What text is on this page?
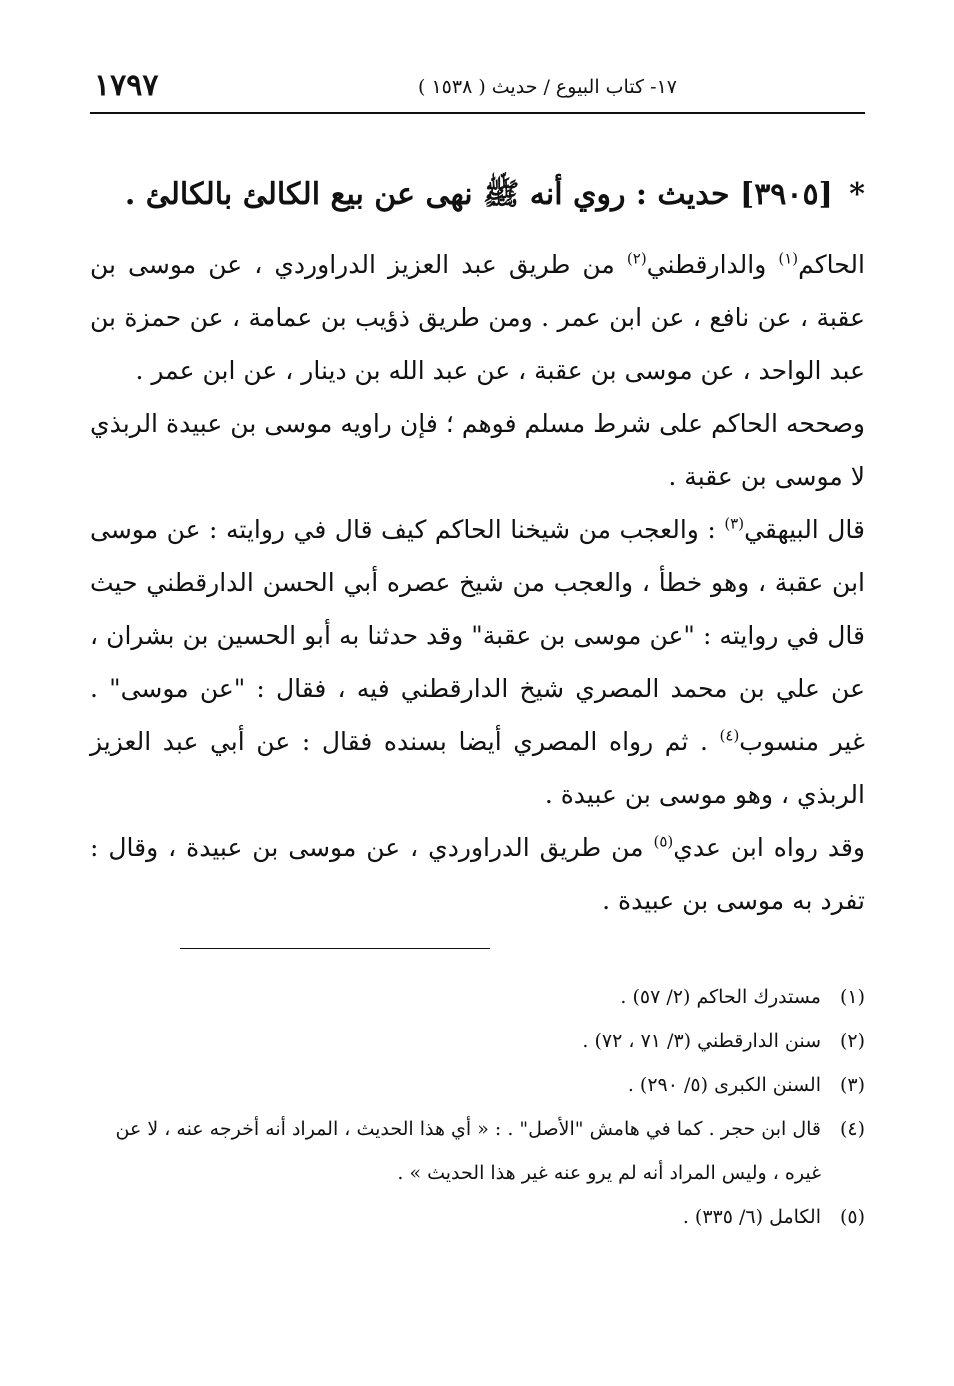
١٧- كتاب البيوع / حديث ( ١٥٣٨ )
١٧٩٧
* [٣٩٠٥] حديث : روي أنه ﷺ نهى عن بيع الكالئ بالكالئ .

الحاكم$^{(١)}$ والدارقطني$^{(٢)}$ من طريق عبد العزيز الدراوردي ، عن موسى بن عقبة ، عن نافع ، عن ابن عمر . ومن طريق ذؤيب بن عمامة ، عن حمزة بن عبد الواحد ، عن موسى بن عقبة ، عن عبد الله بن دينار ، عن ابن عمر .

وصححه الحاكم على شرط مسلم فوهم ؛ فإن راويه موسى بن عبيدة الربذي لا موسى بن عقبة .

قال البيهقي$^{(٣)}$ : والعجب من شيخنا الحاكم كيف قال في روايته : عن موسى ابن عقبة ، وهو خطأ ، والعجب من شيخ عصره أبي الحسن الدارقطني حيث قال في روايته : "عن موسى بن عقبة" وقد حدثنا به أبو الحسين بن بشران ، عن علي بن محمد المصري شيخ الدارقطني فيه ، فقال : "عن موسى" . غير منسوب$^{(٤)}$ . ثم رواه المصري أيضا بسنده فقال : عن أبي عبد العزيز الربذي ، وهو موسى بن عبيدة .

وقد رواه ابن عدي$^{(٥)}$ من طريق الدراوردي ، عن موسى بن عبيدة ، وقال : تفرد به موسى بن عبيدة .

(١)
مستدرك الحاكم (٢/ ٥٧) .
(٢)
سنن الدارقطني (٣/ ٧١ ، ٧٢) .
(٣)
السنن الكبرى (٥/ ٢٩٠) .
(٤)
قال ابن حجر . كما في هامش "الأصل" . : « أي هذا الحديث ، المراد أنه أخرجه عنه ، لا عن غيره ، وليس المراد أنه لم يرو عنه غير هذا الحديث » .
(٥)
الكامل (٦/ ٣٣٥) .
